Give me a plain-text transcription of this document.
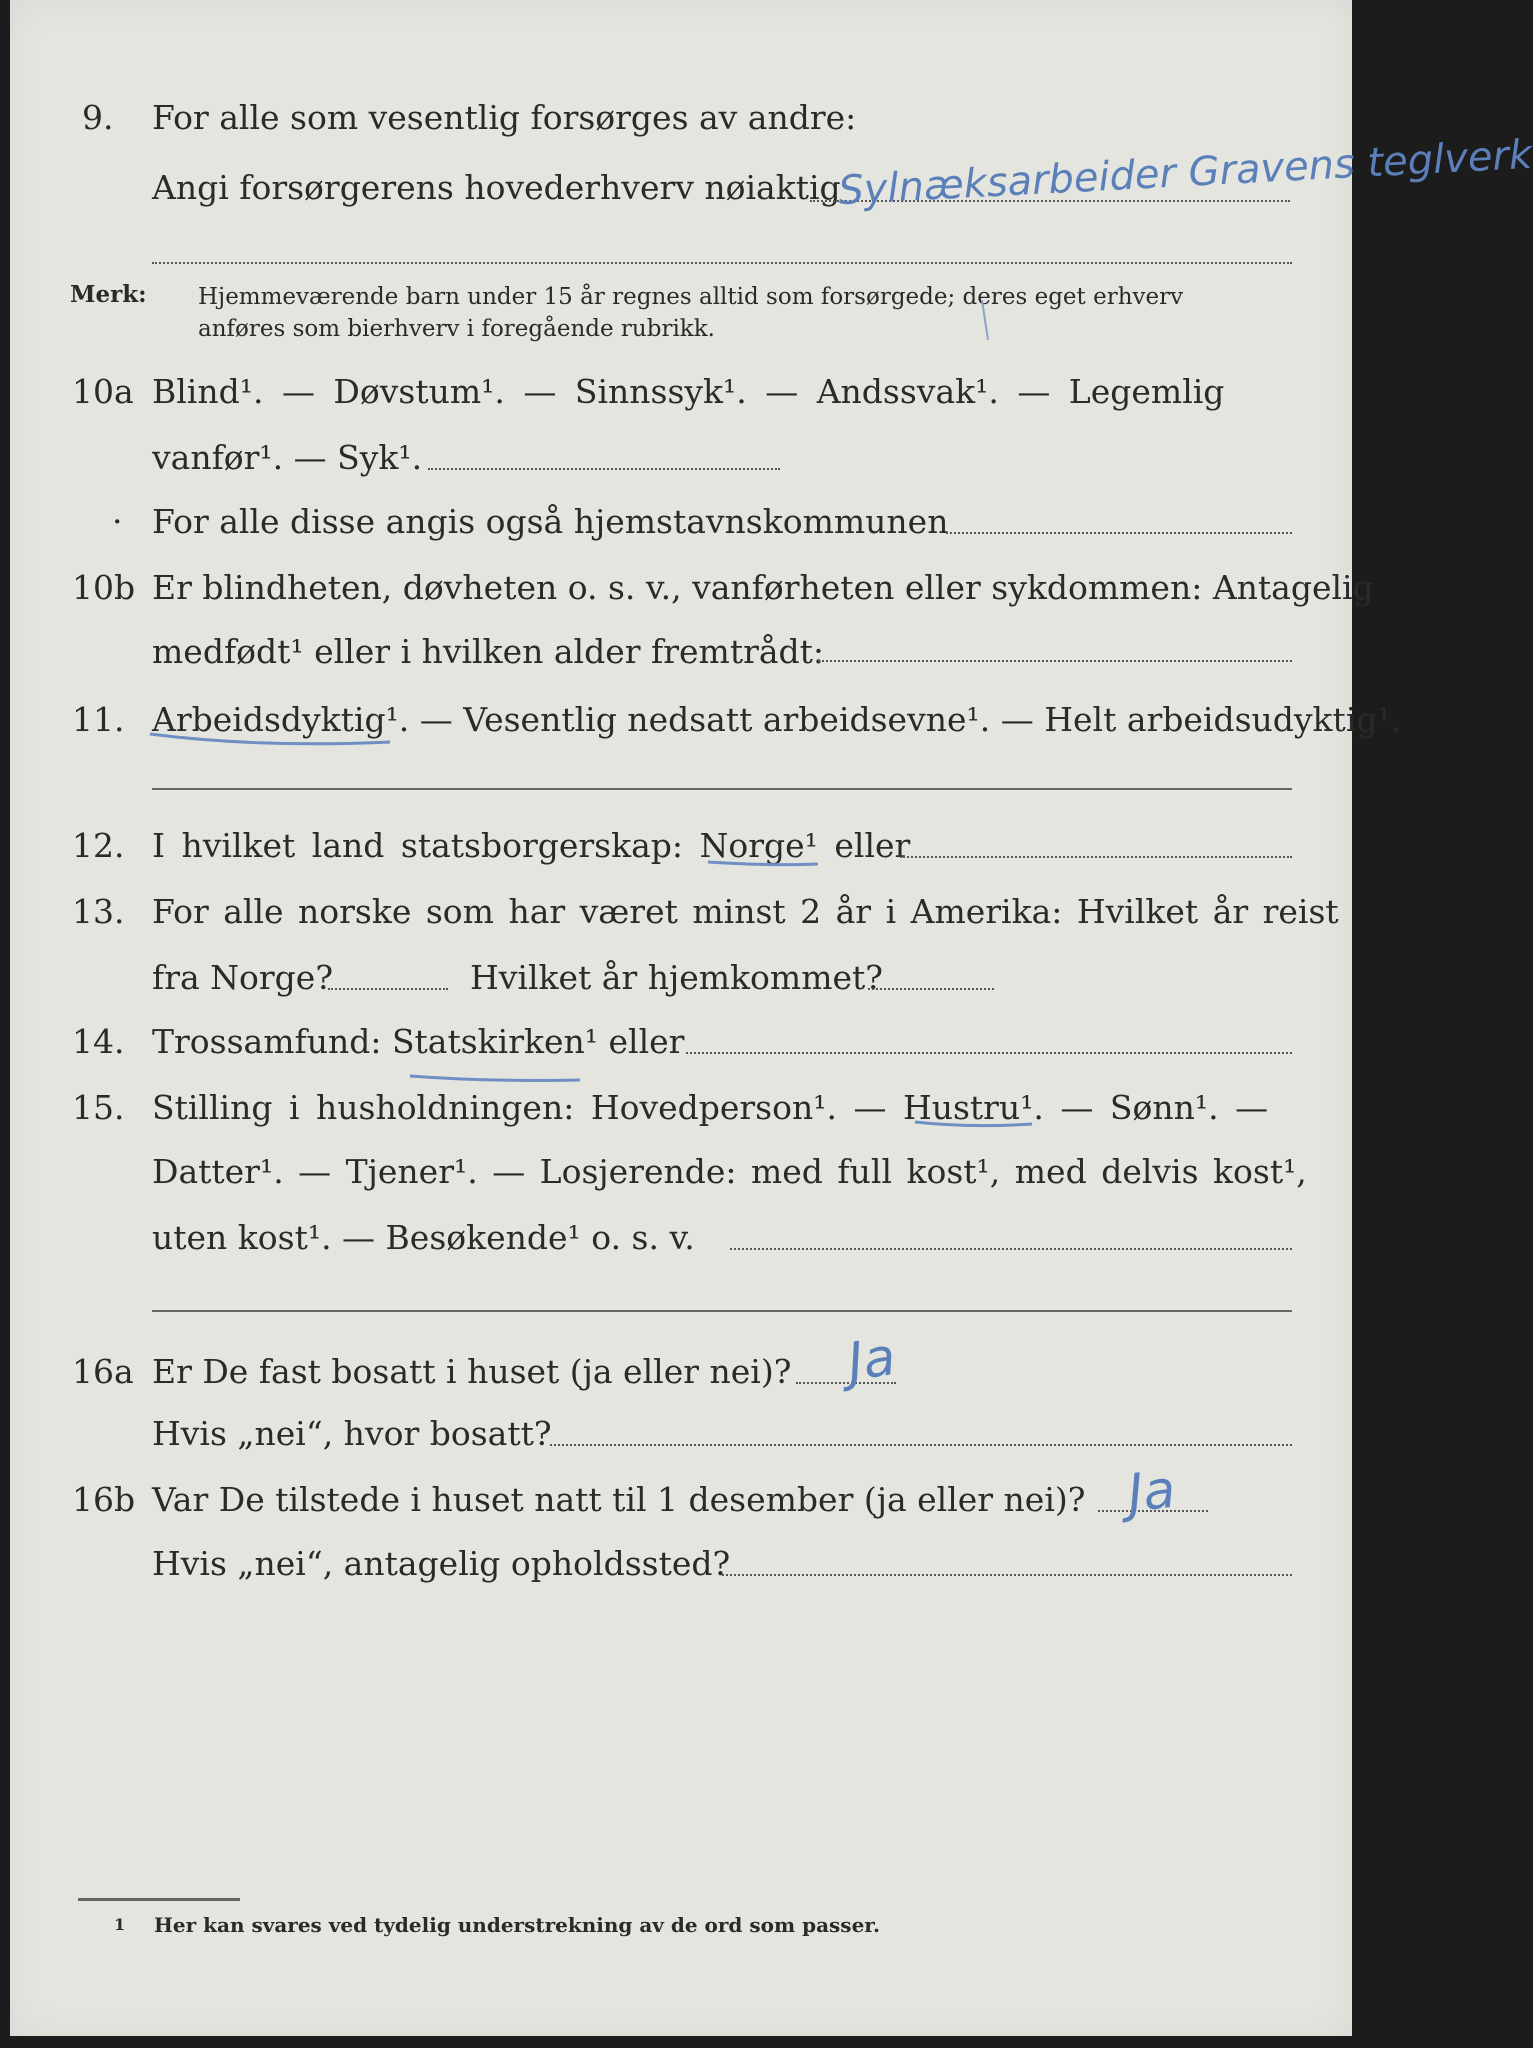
9. For alle som vesentlig forsørges av andre:
Angi forsørgerens hovederhverv nøiaktig
Sylnæksarbeider Gravens teglverk
Merk: Hjemmeværende barn under 15 år regnes alltid som forsørgede; deres eget erhverv
anføres som bierhverv i foregående rubrikk.
10a Blind¹. — Døvstum¹. — Sinnssyk¹. — Andssvak¹. — Legemlig
vanfør¹. — Syk¹.
· For alle disse angis også hjemstavnskommunen
10b Er blindheten, døvheten o. s. v., vanførheten eller sykdommen: Antagelig
medfødt¹ eller i hvilken alder fremtrådt:
11. Arbeidsdyktig¹. — Vesentlig nedsatt arbeidsevne¹. — Helt arbeidsudyktig¹.
12. I hvilket land statsborgerskap: Norge¹ eller
13. For alle norske som har været minst 2 år i Amerika: Hvilket år reist
fra Norge?	Hvilket år hjemkommet?
14. Trossamfund: Statskirken¹ eller
15. Stilling i husholdningen: Hovedperson¹. — Hustru¹. — Sønn¹. —
Datter¹. — Tjener¹. — Losjerende: med full kost¹, med delvis kost¹,
uten kost¹. — Besøkende¹ o. s. v.
16a Er De fast bosatt i huset (ja eller nei)? Ja
Hvis „nei“, hvor bosatt?
16b Var De tilstede i huset natt til 1 desember (ja eller nei)? Ja
Hvis „nei“, antagelig opholdssted?
1 Her kan svares ved tydelig understrekning av de ord som passer.
